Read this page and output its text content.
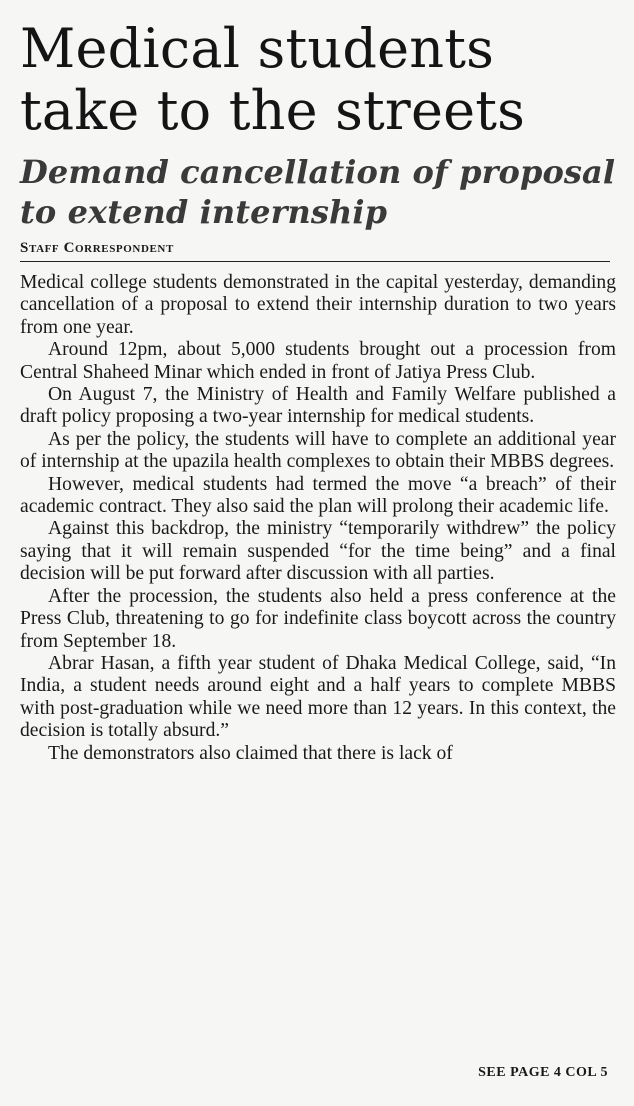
Medical students take to the streets
Demand cancellation of proposal to extend internship
Staff Correspondent

Medical college students demonstrated in the capital yesterday, demanding cancellation of a proposal to extend their internship duration to two years from one year.

Around 12pm, about 5,000 students brought out a procession from Central Shaheed Minar which ended in front of Jatiya Press Club.

On August 7, the Ministry of Health and Family Welfare published a draft policy proposing a two-year internship for medical students.

As per the policy, the students will have to complete an additional year of internship at the upazila health complexes to obtain their MBBS degrees.

However, medical students had termed the move “a breach” of their academic contract. They also said the plan will prolong their academic life.

Against this backdrop, the ministry “temporarily withdrew” the policy saying that it will remain suspended “for the time being” and a final decision will be put forward after discussion with all parties.

After the procession, the students also held a press conference at the Press Club, threatening to go for indefinite class boycott across the country from September 18.

Abrar Hasan, a fifth year student of Dhaka Medical College, said, “In India, a student needs around eight and a half years to complete MBBS with post-graduation while we need more than 12 years. In this context, the decision is totally absurd.”

The demonstrators also claimed that there is lack of

SEE PAGE 4 COL 5
